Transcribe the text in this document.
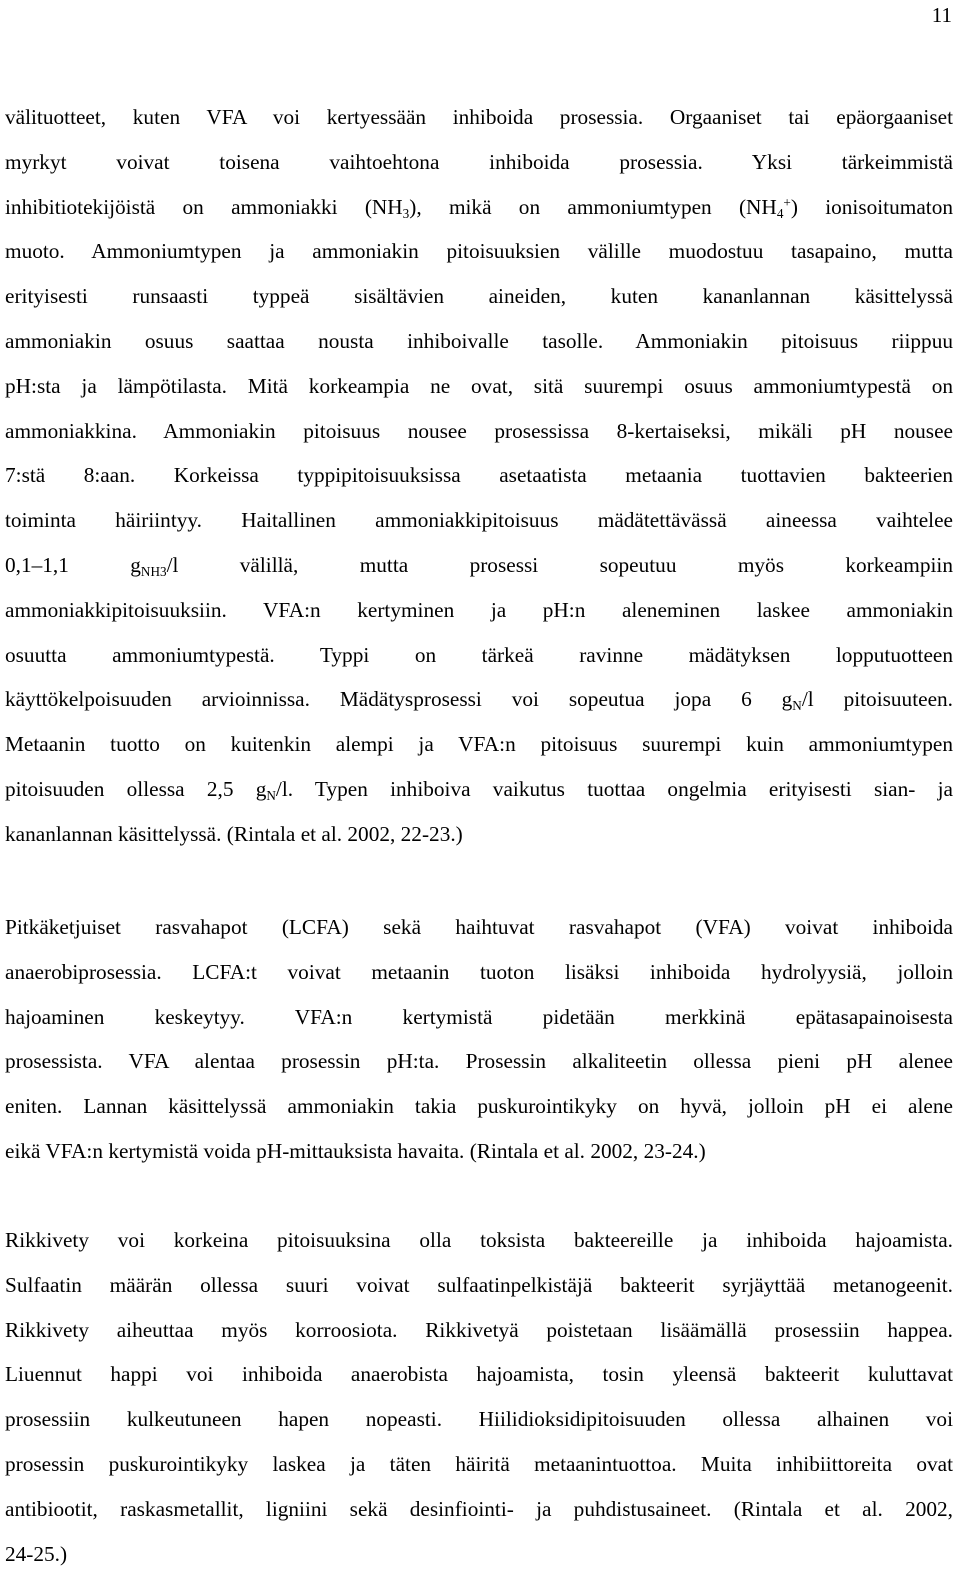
11
välituotteet, kuten VFA voi kertyessään inhiboida prosessia. Orgaaniset tai epäorgaaniset
myrkyt voivat toisena vaihtoehtona inhiboida prosessia. Yksi tärkeimmistä
inhibitiotekijöistä on ammoniakki $(NH_3)$, mikä on ammoniumtypen $(NH_4^+)$ ionisoitumaton
muoto. Ammoniumtypen ja ammoniakin pitoisuuksien välille muodostuu tasapaino, mutta
erityisesti runsaasti typpeä sisältävien aineiden, kuten kananlannan käsittelyssä
ammoniakin osuus saattaa nousta inhiboivalle tasolle. Ammoniakin pitoisuus riippuu
pH:sta ja lämpötilasta. Mitä korkeampia ne ovat, sitä suurempi osuus ammoniumtypestä on
ammoniakkina. Ammoniakin pitoisuus nousee prosessissa 8-kertaiseksi, mikäli pH nousee
7:stä 8:aan. Korkeissa typpipitoisuuksissa asetaatista metaania tuottavien bakteerien
toiminta häiriintyy. Haitallinen ammoniakkipitoisuus mädätettävässä aineessa vaihtelee
0,1–1,1 $g_{NH3}/l$ välillä, mutta prosessi sopeutuu myös korkeampiin
ammoniakkipitoisuuksiin. VFA:n kertyminen ja pH:n aleneminen laskee ammoniakin
osuutta ammoniumtypestä. Typpi on tärkeä ravinne mädätyksen lopputuotteen
käyttökelpoisuuden arvioinnissa. Mädätysprosessi voi sopeutua jopa 6 $g_N/l$ pitoisuuteen.
Metaanin tuotto on kuitenkin alempi ja VFA:n pitoisuus suurempi kuin ammoniumtypen
pitoisuuden ollessa 2,5 $g_N/l$. Typen inhiboiva vaikutus tuottaa ongelmia erityisesti sian- ja
kananlannan käsittelyssä. (Rintala et al. 2002, 22-23.)
Pitkäketjuiset rasvahapot (LCFA) sekä haihtuvat rasvahapot (VFA) voivat inhiboida
anaerobiprosessia. LCFA:t voivat metaanin tuoton lisäksi inhiboida hydrolyysiä, jolloin
hajoaminen keskeytyy. VFA:n kertymistä pidetään merkkinä epätasapainoisesta
prosessista. VFA alentaa prosessin pH:ta. Prosessin alkaliteetin ollessa pieni pH alenee
eniten. Lannan käsittelyssä ammoniakin takia puskurointikyky on hyvä, jolloin pH ei alene
eikä VFA:n kertymistä voida pH-mittauksista havaita. (Rintala et al. 2002, 23-24.)
Rikkivety voi korkeina pitoisuuksina olla toksista bakteereille ja inhiboida hajoamista.
Sulfaatin määrän ollessa suuri voivat sulfaatinpelkistäjä bakteerit syrjäyttää metanogeenit.
Rikkivety aiheuttaa myös korroosiota. Rikkivetyä poistetaan lisäämällä prosessiin happea.
Liuennut happi voi inhiboida anaerobista hajoamista, tosin yleensä bakteerit kuluttavat
prosessiin kulkeutuneen hapen nopeasti. Hiilidioksidipitoisuuden ollessa alhainen voi
prosessin puskurointikyky laskea ja täten häiritä metaanintuottoa. Muita inhibiittoreita ovat
antibiootit, raskasmetallit, ligniini sekä desinfiointi- ja puhdistusaineet. (Rintala et al. 2002,
24-25.)
